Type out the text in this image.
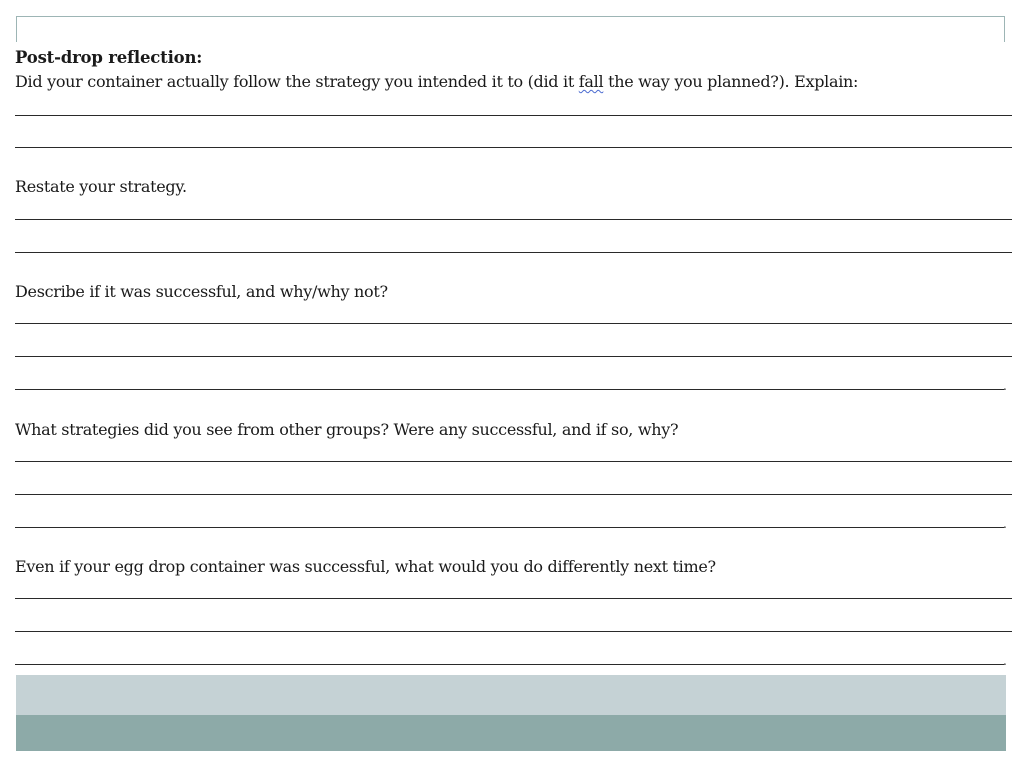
Post-drop reflection:
Did your container actually follow the strategy you intended it to (did it fall the way you planned?). Explain:
Restate your strategy.
Describe if it was successful, and why/why not?
.
What strategies did you see from other groups? Were any successful, and if so, why?
.
Even if your egg drop container was successful, what would you do differently next time?
.
